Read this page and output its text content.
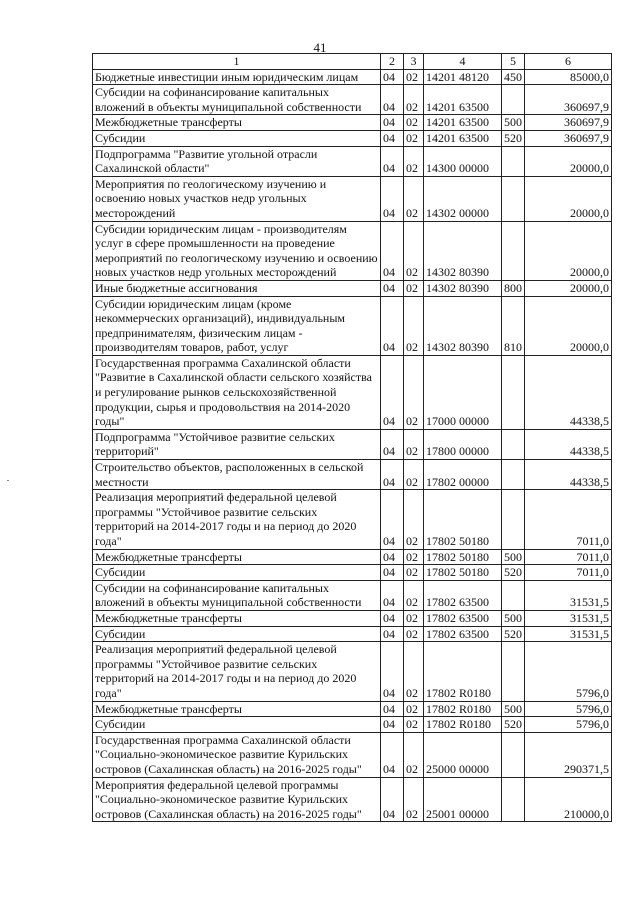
41
1	2	3	4	5	6
Бюджетные инвестиции иным юридическим лицам	04	02	14201 48120	450	85000,0
Субсидии на софинансирование капитальных вложений в объекты муниципальной собственности	04	02	14201 63500		360697,9
Межбюджетные трансферты	04	02	14201 63500	500	360697,9
Субсидии	04	02	14201 63500	520	360697,9
Подпрограмма "Развитие угольной отрасли Сахалинской области"	04	02	14300 00000		20000,0
Мероприятия по геологическому изучению и освоению новых участков недр угольных месторождений	04	02	14302 00000		20000,0
Субсидии юридическим лицам - производителям услуг в сфере промышленности на проведение мероприятий по геологическому изучению и освоению новых участков недр угольных месторождений	04	02	14302 80390		20000,0
Иные бюджетные ассигнования	04	02	14302 80390	800	20000,0
Субсидии юридическим лицам (кроме некоммерческих организаций), индивидуальным предпринимателям, физическим лицам - производителям товаров, работ, услуг	04	02	14302 80390	810	20000,0
Государственная программа Сахалинской области "Развитие в Сахалинской области сельского хозяйства и регулирование рынков сельскохозяйственной продукции, сырья и продовольствия на 2014-2020 годы"	04	02	17000 00000		44338,5
Подпрограмма "Устойчивое развитие сельских территорий"	04	02	17800 00000		44338,5
Строительство объектов, расположенных в сельской местности	04	02	17802 00000		44338,5
Реализация мероприятий федеральной целевой программы "Устойчивое развитие сельских территорий на 2014-2017 годы и на период до 2020 года"	04	02	17802 50180		7011,0
Межбюджетные трансферты	04	02	17802 50180	500	7011,0
Субсидии	04	02	17802 50180	520	7011,0
Субсидии на софинансирование капитальных вложений в объекты муниципальной собственности	04	02	17802 63500		31531,5
Межбюджетные трансферты	04	02	17802 63500	500	31531,5
Субсидии	04	02	17802 63500	520	31531,5
Реализация мероприятий федеральной целевой программы "Устойчивое развитие сельских территорий на 2014-2017 годы и на период до 2020 года"	04	02	17802 R0180		5796,0
Межбюджетные трансферты	04	02	17802 R0180	500	5796,0
Субсидии	04	02	17802 R0180	520	5796,0
Государственная программа Сахалинской области "Социально-экономическое развитие Курильских островов (Сахалинская область) на 2016-2025 годы"	04	02	25000 00000		290371,5
Мероприятия федеральной целевой программы "Социально-экономическое развитие Курильских островов (Сахалинская область) на 2016-2025 годы"	04	02	25001 00000		210000,0
